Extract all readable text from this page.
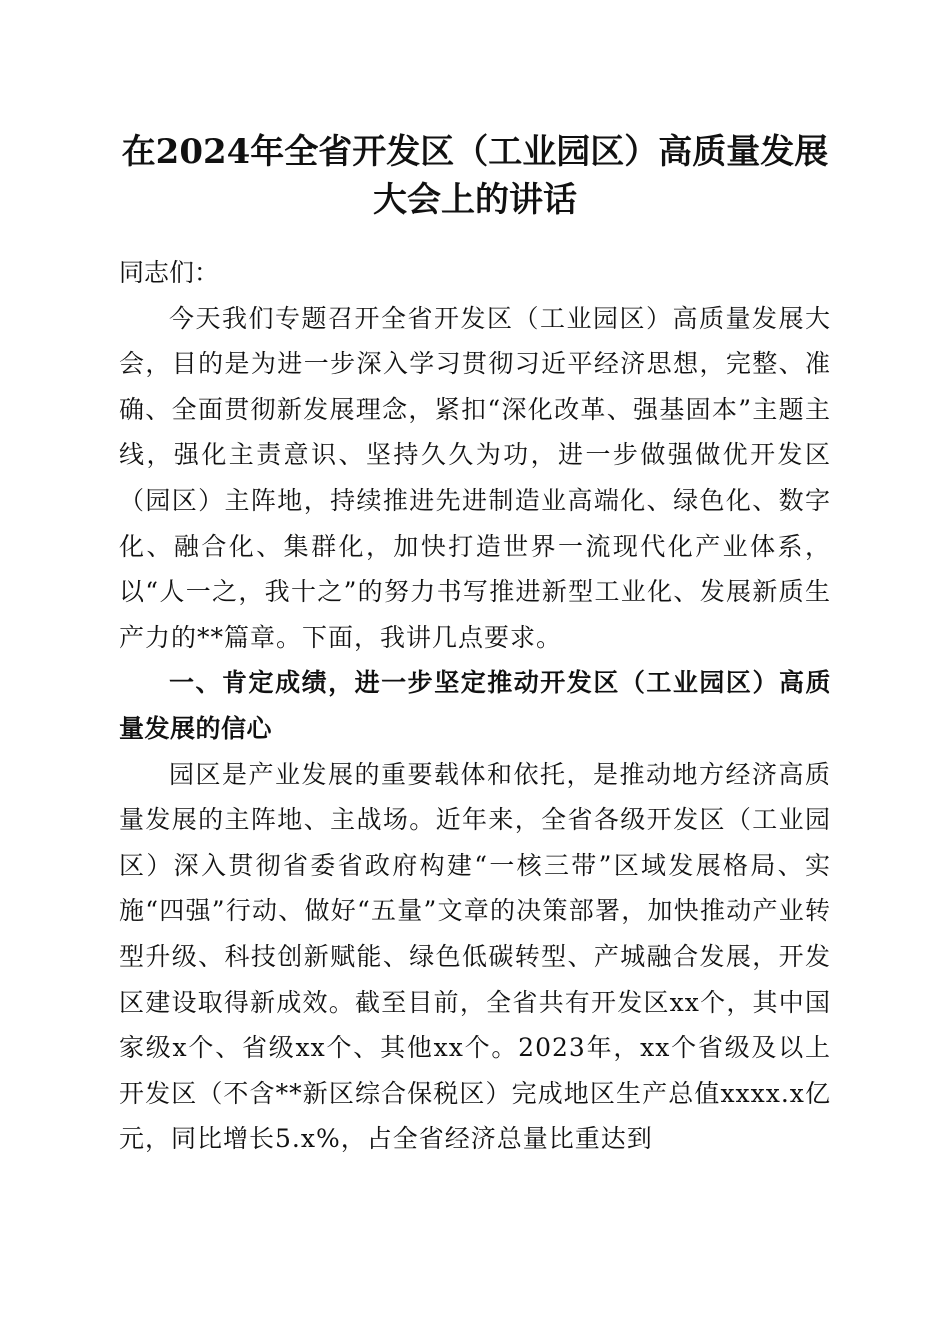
在2024年全省开发区（工业园区）高质量发展大会上的讲话

同志们：

今天我们专题召开全省开发区（工业园区）高质量发展大会，目的是为进一步深入学习贯彻习近平经济思想，完整、准确、全面贯彻新发展理念，紧扣“深化改革、强基固本”主题主线，强化主责意识、坚持久久为功，进一步做强做优开发区（园区）主阵地，持续推进先进制造业高端化、绿色化、数字化、融合化、集群化，加快打造世界一流现代化产业体系，以“人一之，我十之”的努力书写推进新型工业化、发展新质生产力的**篇章。下面，我讲几点要求。

一、肯定成绩，进一步坚定推动开发区（工业园区）高质量发展的信心

园区是产业发展的重要载体和依托，是推动地方经济高质量发展的主阵地、主战场。近年来，全省各级开发区（工业园区）深入贯彻省委省政府构建“一核三带”区域发展格局、实施“四强”行动、做好“五量”文章的决策部署，加快推动产业转型升级、科技创新赋能、绿色低碳转型、产城融合发展，开发区建设取得新成效。截至目前，全省共有开发区xx个，其中国家级x个、省级xx个、其他xx个。2023年，xx个省级及以上开发区（不含**新区综合保税区）完成地区生产总值xxxx.x亿元，同比增长5.x%，占全省经济总量比重达到
